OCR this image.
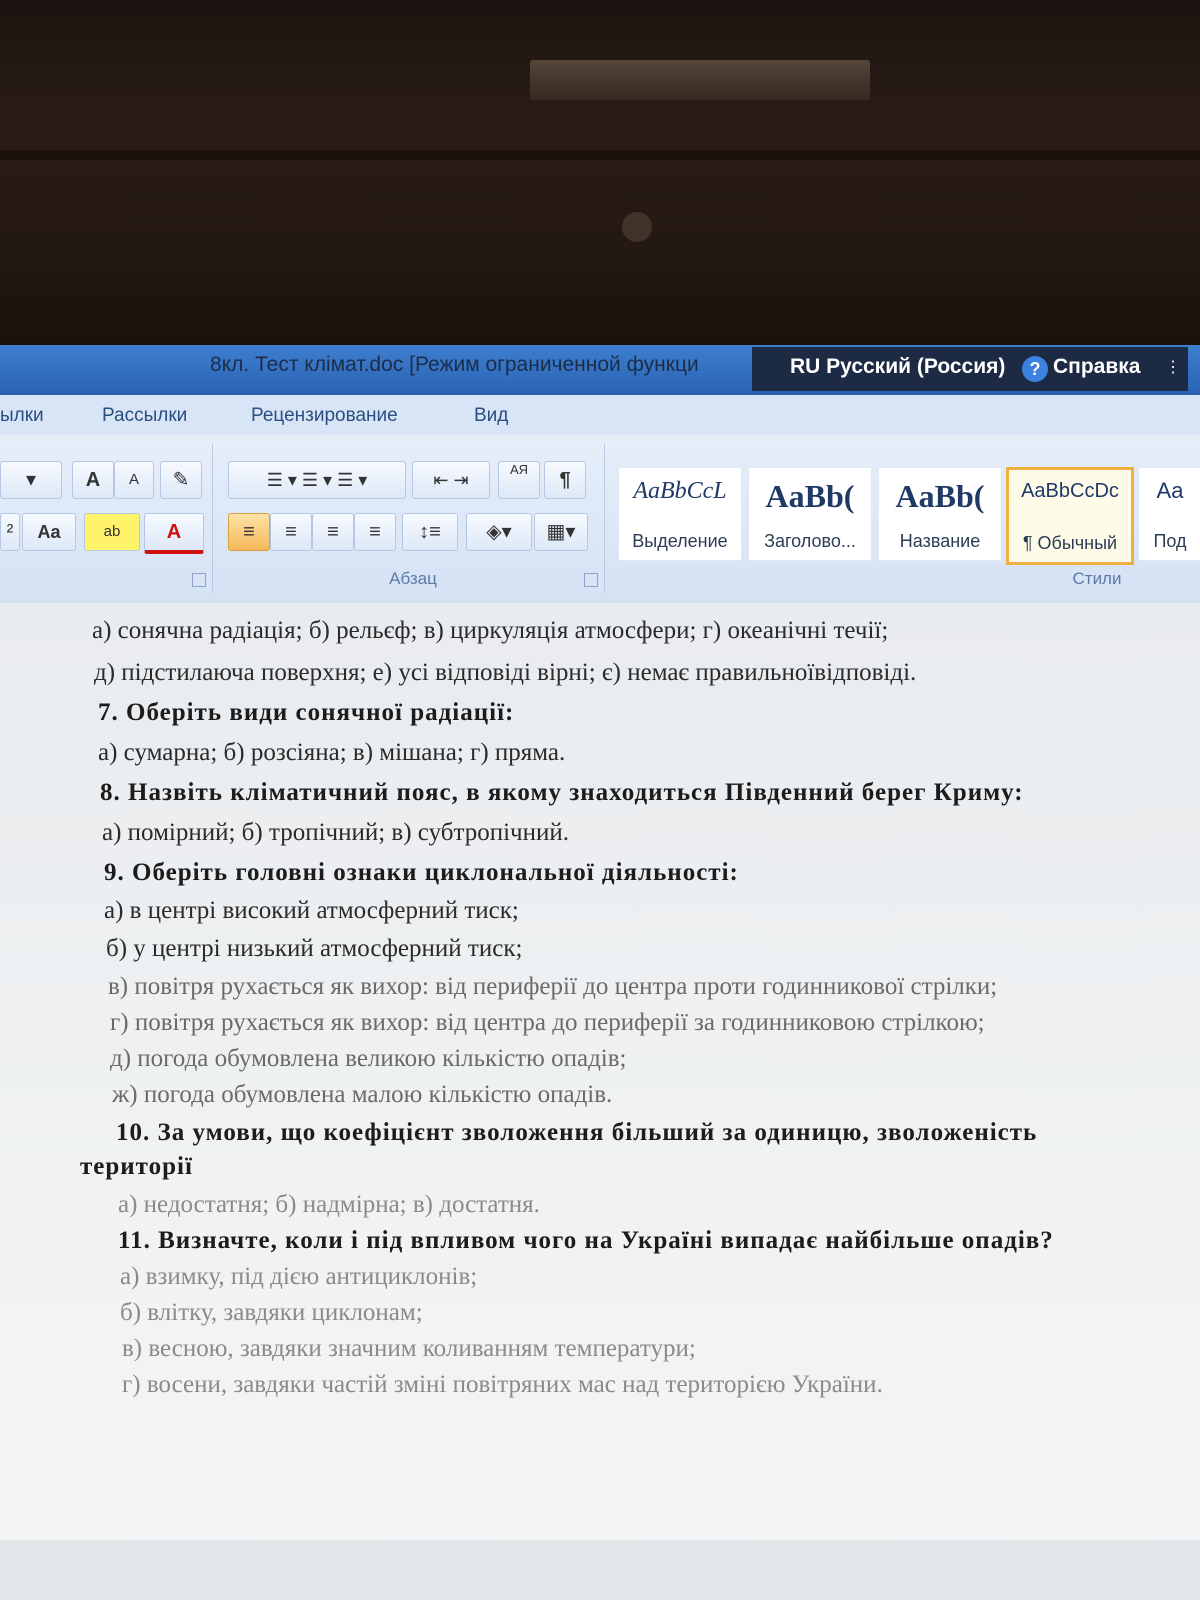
8кл. Тест клімат.doc [Режим ограниченной функци	RU Русский (Россия)	? Справка ⋮
ылки	Рассылки	Рецензирование	Вид
▾	A	A	✎
²	Aa	ab	A
☰ ▾ ☰ ▾ ☰ ▾	⇤ ⇥
АЯ	¶
≡	≡	≡	≡	↕≡	◈▾	▦▾
Абзац
AaBbCcL
Выделение
AaBb(
Заголово...
AaBb(
Название
AaBbCcDc
¶ Обычный
Aa
Под
Стили
а) сонячна радіація; б) рельєф; в) циркуляція атмосфери; г) океанічні течії;
д) підстилаюча поверхня; е) усі відповіді вірні; є) немає правильноївідповіді.
7. Оберіть види сонячної радіації:
а) сумарна; б) розсіяна; в) мішана; г) пряма.
8. Назвіть кліматичний пояс, в якому знаходиться Південний берег Криму:
а) помірний; б) тропічний; в) субтропічний.
9. Оберіть головні ознаки циклональної діяльності:
а) в центрі високий атмосферний тиск;
б) у центрі низький атмосферний тиск;
в) повітря рухається як вихор: від периферії до центра проти годинникової стрілки;
г) повітря рухається як вихор: від центра до периферії за годинниковою стрілкою;
д) погода обумовлена великою кількістю опадів;
ж) погода обумовлена малою кількістю опадів.
10. За умови, що коефіцієнт зволоження більший за одиницю, зволоженість
території
а) недостатня; б) надмірна; в) достатня.
11. Визначте, коли і під впливом чого на Україні випадає найбільше опадів?
а) взимку, під дією антициклонів;
б) влітку, завдяки циклонам;
в) весною, завдяки значним коливанням температури;
г) восени, завдяки частій зміні повітряних мас над територією України.
